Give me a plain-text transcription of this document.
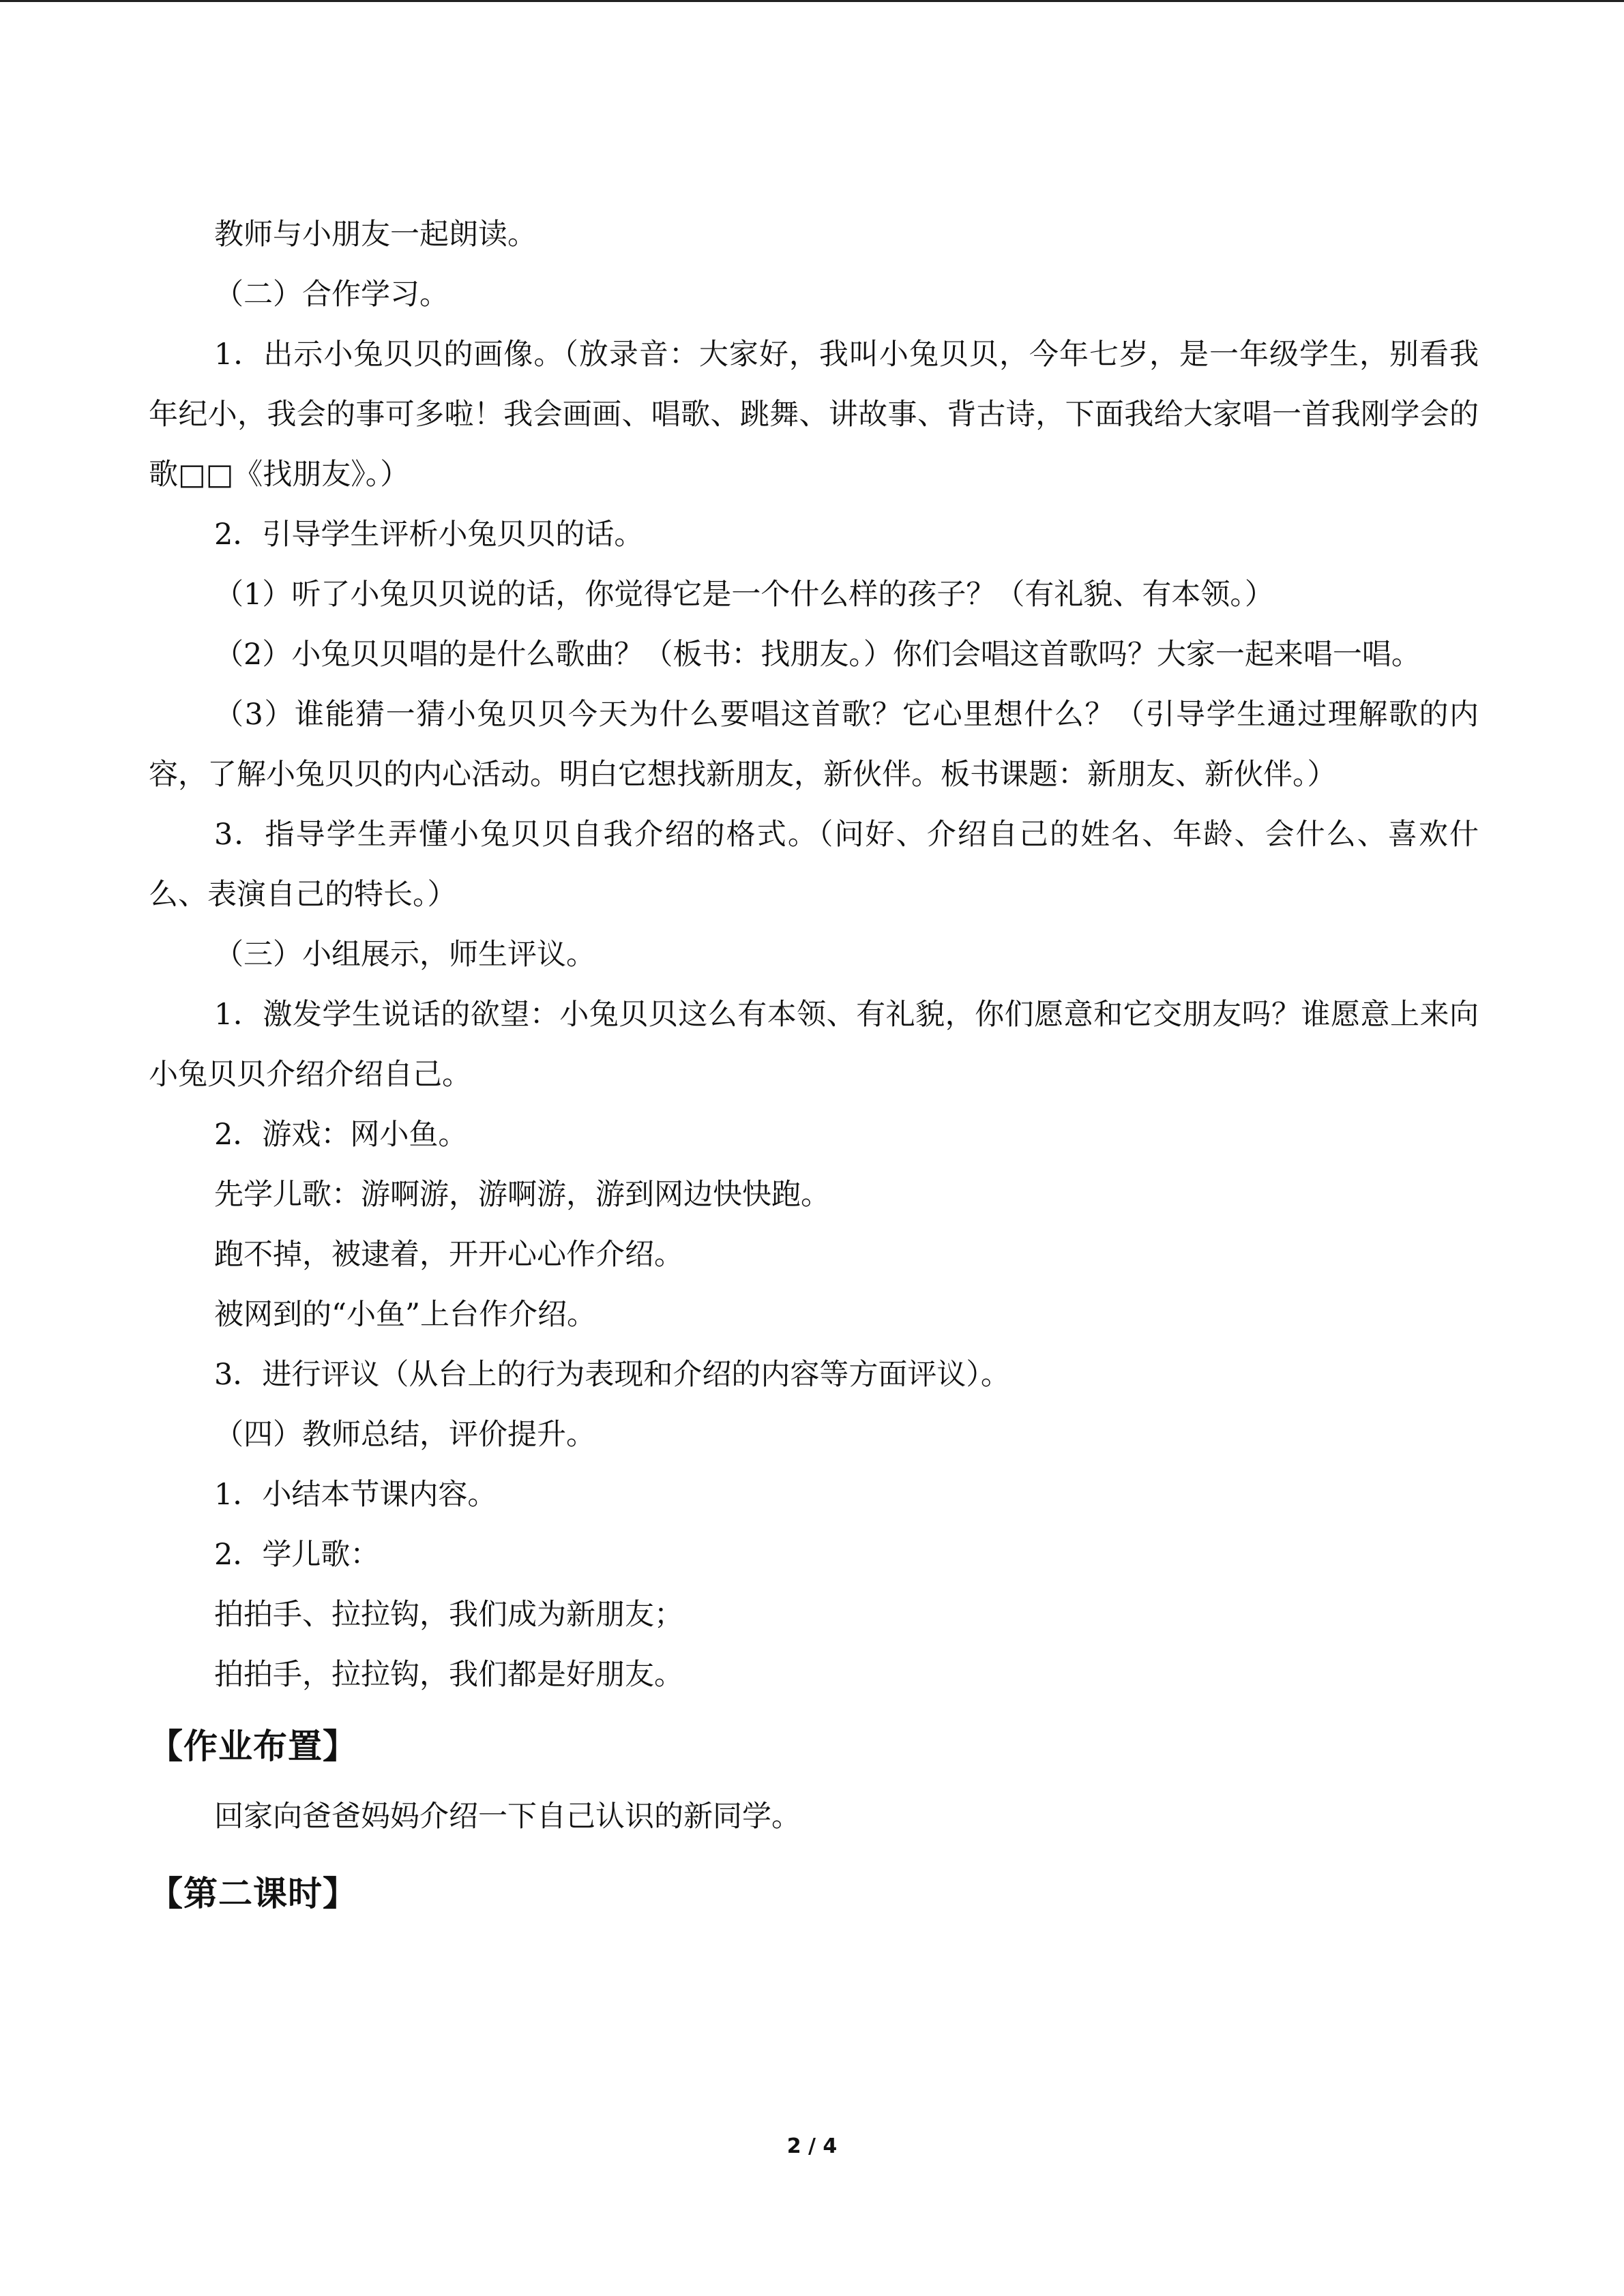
教师与小朋友一起朗读。

（二）合作学习。

1．出示小兔贝贝的画像。（放录音：大家好，我叫小兔贝贝，今年七岁，是一年级学生，别看我年纪小，我会的事可多啦！我会画画、唱歌、跳舞、讲故事、背古诗，下面我给大家唱一首我刚学会的歌□□《找朋友》。）

2．引导学生评析小兔贝贝的话。

（1）听了小兔贝贝说的话，你觉得它是一个什么样的孩子？（有礼貌、有本领。）

（2）小兔贝贝唱的是什么歌曲？（板书：找朋友。）你们会唱这首歌吗？大家一起来唱一唱。

（3）谁能猜一猜小兔贝贝今天为什么要唱这首歌？它心里想什么？（引导学生通过理解歌的内容，了解小兔贝贝的内心活动。明白它想找新朋友，新伙伴。板书课题：新朋友、新伙伴。）

3．指导学生弄懂小兔贝贝自我介绍的格式。（问好、介绍自己的姓名、年龄、会什么、喜欢什么、表演自己的特长。）

（三）小组展示，师生评议。

1．激发学生说话的欲望：小兔贝贝这么有本领、有礼貌，你们愿意和它交朋友吗？谁愿意上来向小兔贝贝介绍介绍自己。

2．游戏：网小鱼。

先学儿歌：游啊游，游啊游，游到网边快快跑。

跑不掉，被逮着，开开心心作介绍。

被网到的“小鱼”上台作介绍。

3．进行评议（从台上的行为表现和介绍的内容等方面评议）。

（四）教师总结，评价提升。

1．小结本节课内容。

2．学儿歌：

拍拍手、拉拉钩，我们成为新朋友；

拍拍手，拉拉钩，我们都是好朋友。

【作业布置】

回家向爸爸妈妈介绍一下自己认识的新同学。

【第二课时】

2 / 4
